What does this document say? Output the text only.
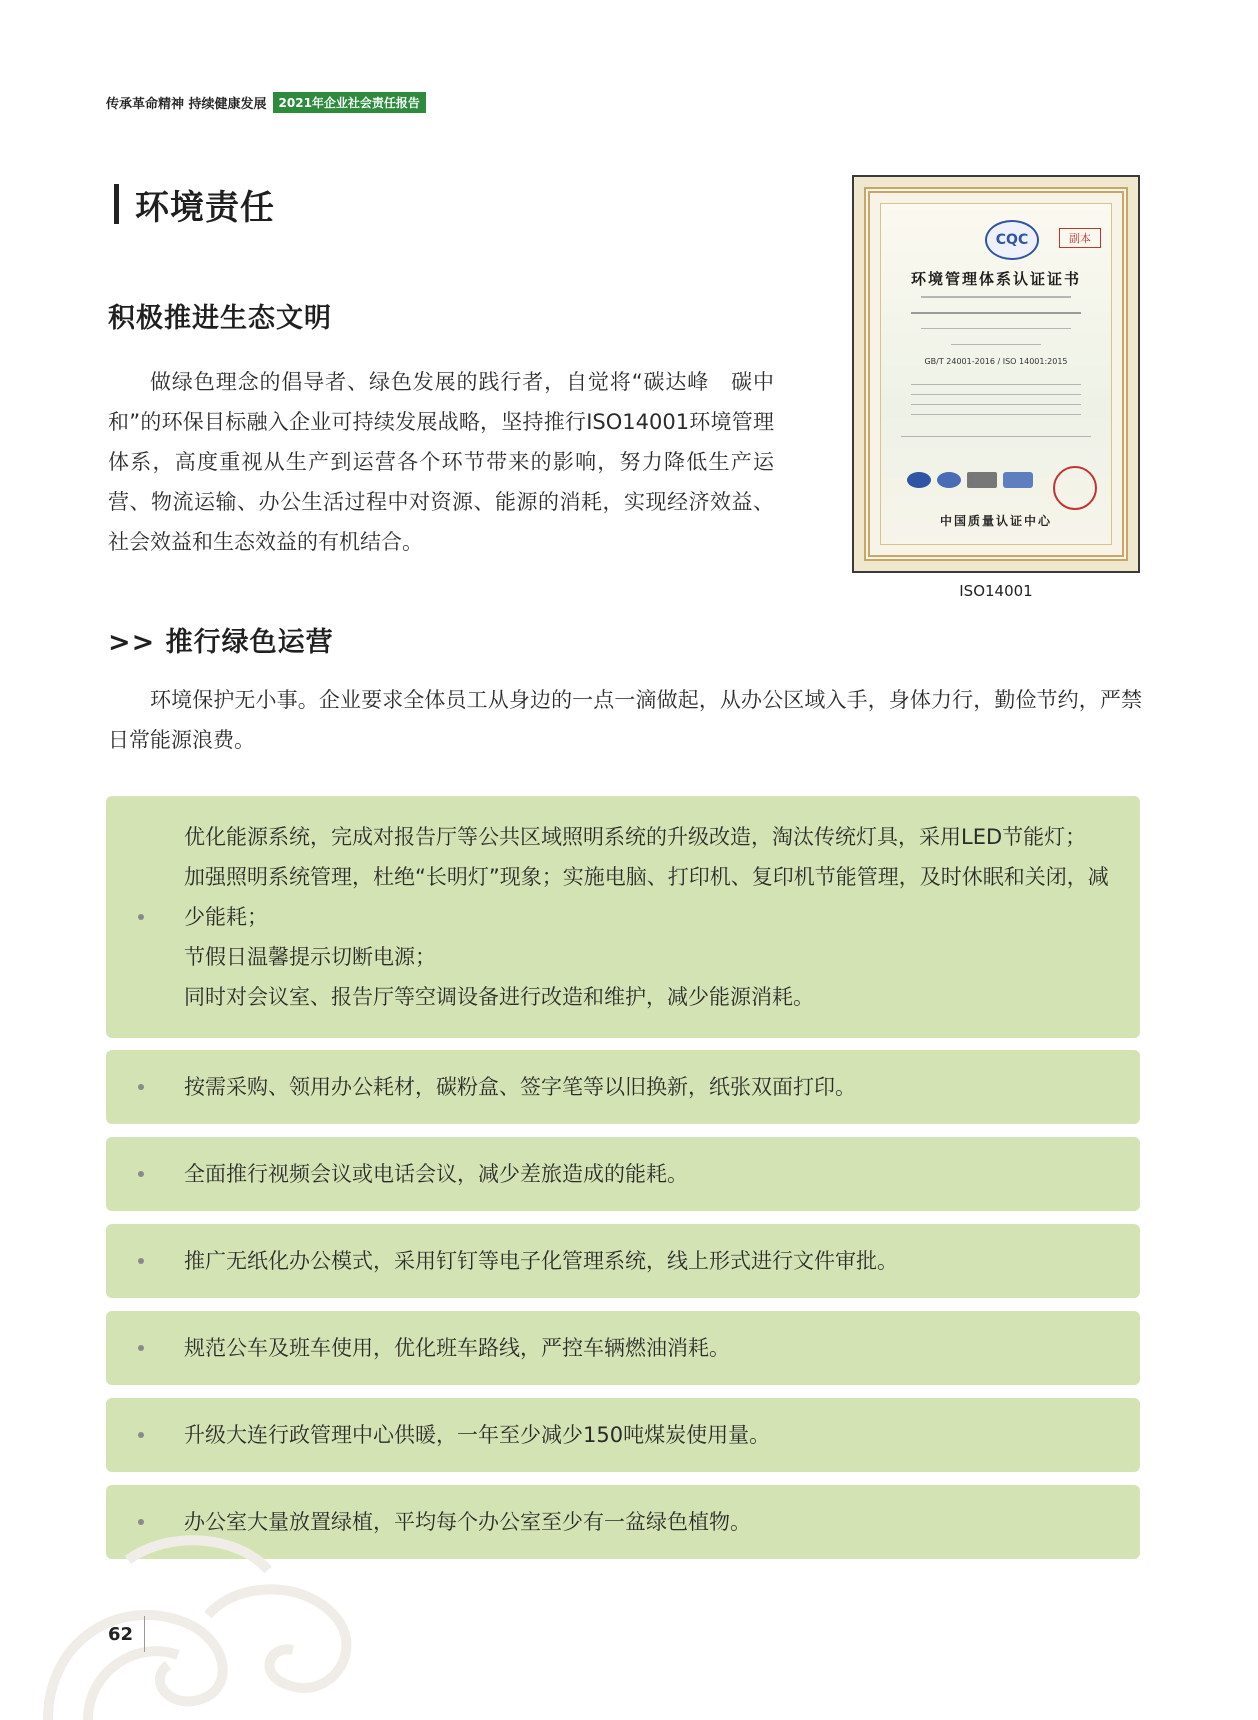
传承革命精神 持续健康发展	2021年企业社会责任报告
环境责任
积极推进生态文明
做绿色理念的倡导者、绿色发展的践行者，自觉将“碳达峰　碳中和”的环保目标融入企业可持续发展战略，坚持推行ISO14001环境管理体系，高度重视从生产到运营各个环节带来的影响，努力降低生产运营、物流运输、办公生活过程中对资源、能源的消耗，实现经济效益、社会效益和生态效益的有机结合。
CQC	副本
环境管理体系认证证书
GB/T 24001-2016 / ISO 14001:2015
中国质量认证中心
ISO14001
>> 推行绿色运营
环境保护无小事。企业要求全体员工从身边的一点一滴做起，从办公区域入手，身体力行，勤俭节约，严禁日常能源浪费。
优化能源系统，完成对报告厅等公共区域照明系统的升级改造，淘汰传统灯具，采用LED节能灯；
加强照明系统管理，杜绝“长明灯”现象；实施电脑、打印机、复印机节能管理，及时休眠和关闭，减
少能耗；
节假日温馨提示切断电源；
同时对会议室、报告厅等空调设备进行改造和维护，减少能源消耗。
按需采购、领用办公耗材，碳粉盒、签字笔等以旧换新，纸张双面打印。
全面推行视频会议或电话会议，减少差旅造成的能耗。
推广无纸化办公模式，采用钉钉等电子化管理系统，线上形式进行文件审批。
规范公车及班车使用，优化班车路线，严控车辆燃油消耗。
升级大连行政管理中心供暖，一年至少减少150吨煤炭使用量。
办公室大量放置绿植，平均每个办公室至少有一盆绿色植物。
62
